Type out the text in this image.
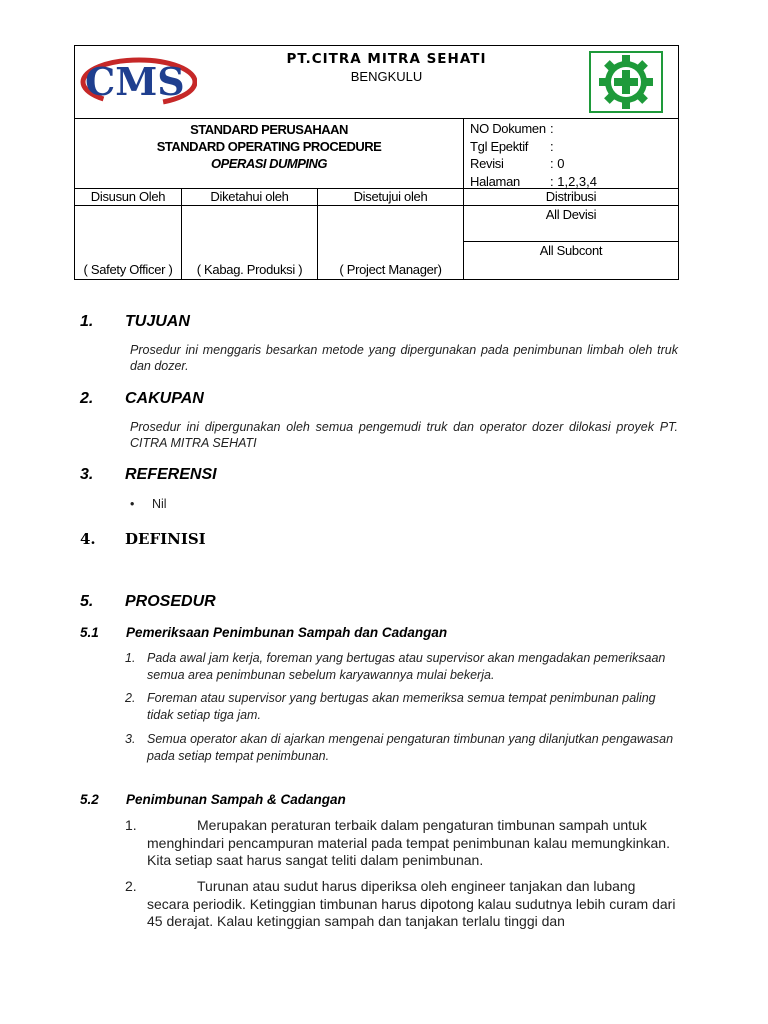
CMS	PT.CITRA MITRA SEHATI
BENGKULU
STANDARD PERUSAHAAN
STANDARD OPERATING PROCEDURE
OPERASI DUMPING
NO Dokumen :
Tgl Epektif	:
Revisi	: 0
Halaman	: 1,2,3,4
Disusun Oleh	Diketahui oleh	Disetujui oleh	Distribusi
( Safety Officer )	( Kabag. Produksi )	( Project Manager)
All Devisi
All Subcont
1. TUJUAN
Prosedur ini menggaris besarkan metode yang dipergunakan pada penimbunan limbah oleh truk dan dozer.
2. CAKUPAN
Prosedur ini dipergunakan oleh semua pengemudi truk dan operator dozer dilokasi proyek PT. CITRA MITRA SEHATI
3. REFERENSI
• Nil
4. DEFINISI
5. PROSEDUR
5.1 Pemeriksaan Penimbunan Sampah dan Cadangan
1. Pada awal jam kerja, foreman yang bertugas atau supervisor akan mengadakan pemeriksaan semua area penimbunan sebelum karyawannya mulai bekerja.
2. Foreman atau supervisor yang bertugas akan memeriksa semua tempat penimbunan paling tidak setiap tiga jam.
3. Semua operator akan di ajarkan mengenai pengaturan timbunan yang dilanjutkan pengawasan pada setiap tempat penimbunan.
5.2 Penimbunan Sampah & Cadangan
1.	Merupakan peraturan terbaik dalam pengaturan timbunan sampah untuk menghindari pencampuran material pada tempat penimbunan kalau memungkinkan. Kita setiap saat harus sangat teliti dalam penimbunan.
2.	Turunan atau sudut harus diperiksa oleh engineer tanjakan dan lubang secara periodik. Ketinggian timbunan harus dipotong kalau sudutnya lebih curam dari 45 derajat. Kalau ketinggian sampah dan tanjakan terlalu tinggi dan
